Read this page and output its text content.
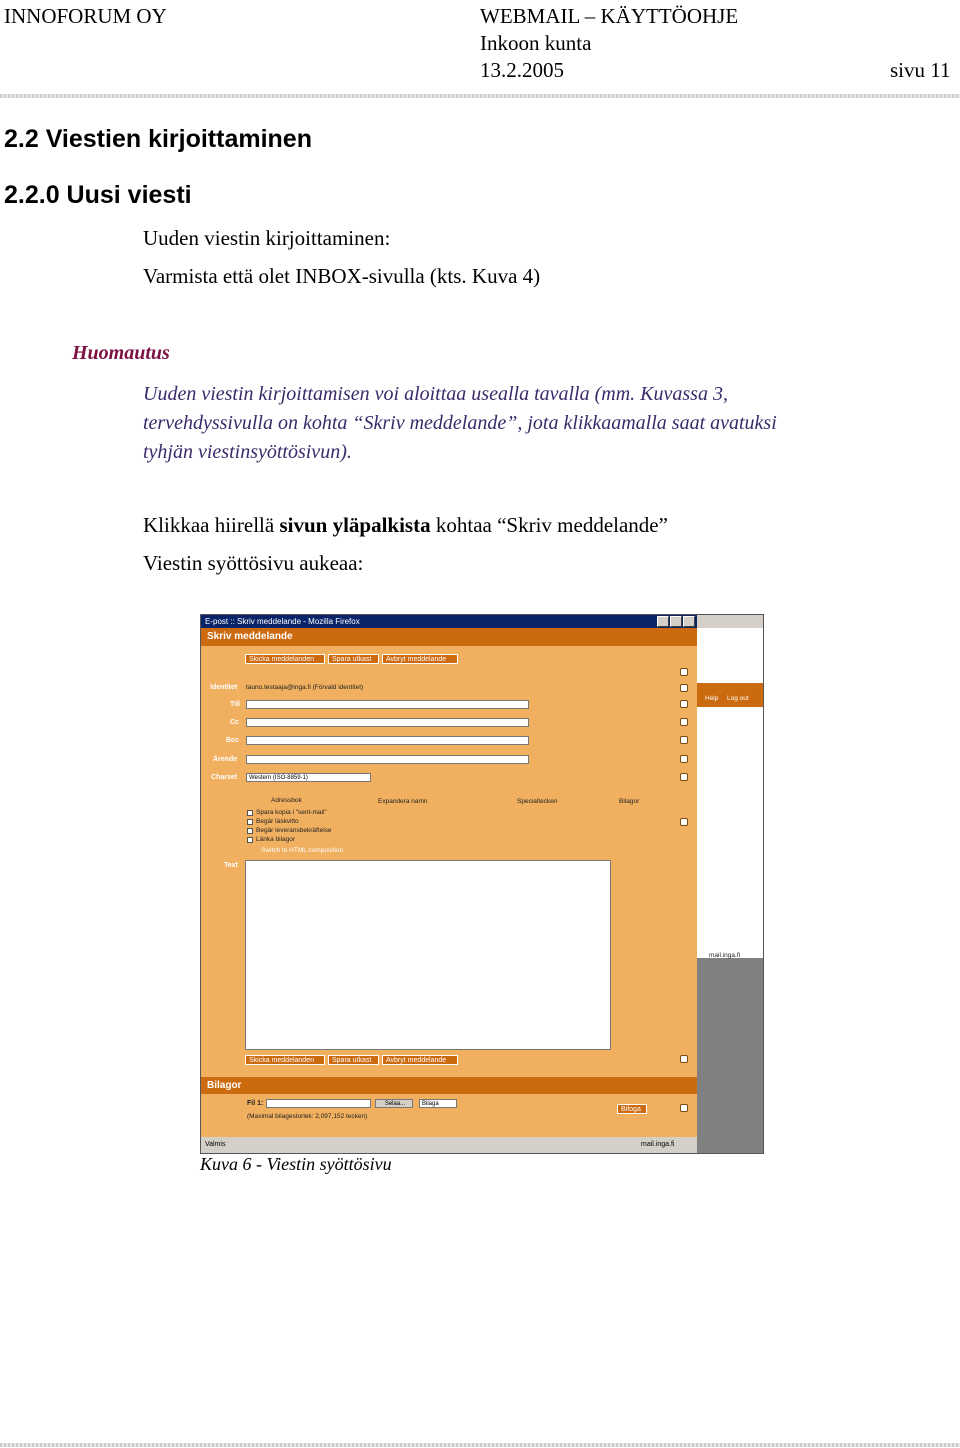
INNOFORUM OY	WEBMAIL – KÄYTTÖOHJE
Inkoon kunta
13.2.2005	sivu 11
2.2 Viestien kirjoittaminen
2.2.0 Uusi viesti
Uuden viestin kirjoittaminen:
Varmista että olet INBOX-sivulla (kts. Kuva 4)
Huomautus
Uuden viestin kirjoittamisen voi aloittaa usealla tavalla (mm. Kuvassa 3,
tervehdyssivulla on kohta “Skriv meddelande”, jota klikkaamalla saat avatuksi
tyhjän viestinsyöttösivun).
Klikkaa hiirellä sivun yläpalkista kohtaa “Skriv meddelande”
Viestin syöttösivu aukeaa:
E-post :: Skriv meddelande - Mozilla Firefox
Skriv meddelande
Skicka meddelanden	Spara utkast	Avbryt meddelande
Identitet tauno.testaaja@inga.fi (Förvald identitet)
Till
Cc
Bcc
Ärende
Charset	Western (ISO-8859-1)
Adressbok	Expandera namn	Specialtecken	Bilagor
Spara kopia i "sent-mail"
Begär läskvitto
Begär leveransbekräftelse
Länka bilagor
Switch to HTML composition
Text
Skicka meddelanden	Spara utkast	Avbryt meddelande
Bilagor
Fil 1:	Selaa...	Bilaga
Bifoga
(Maximal bilagestorlek: 2,097,152 tecken)
Valmis	mail.inga.fi
Help Log out
mail.inga.fi
Kuva 6 - Viestin syöttösivu
